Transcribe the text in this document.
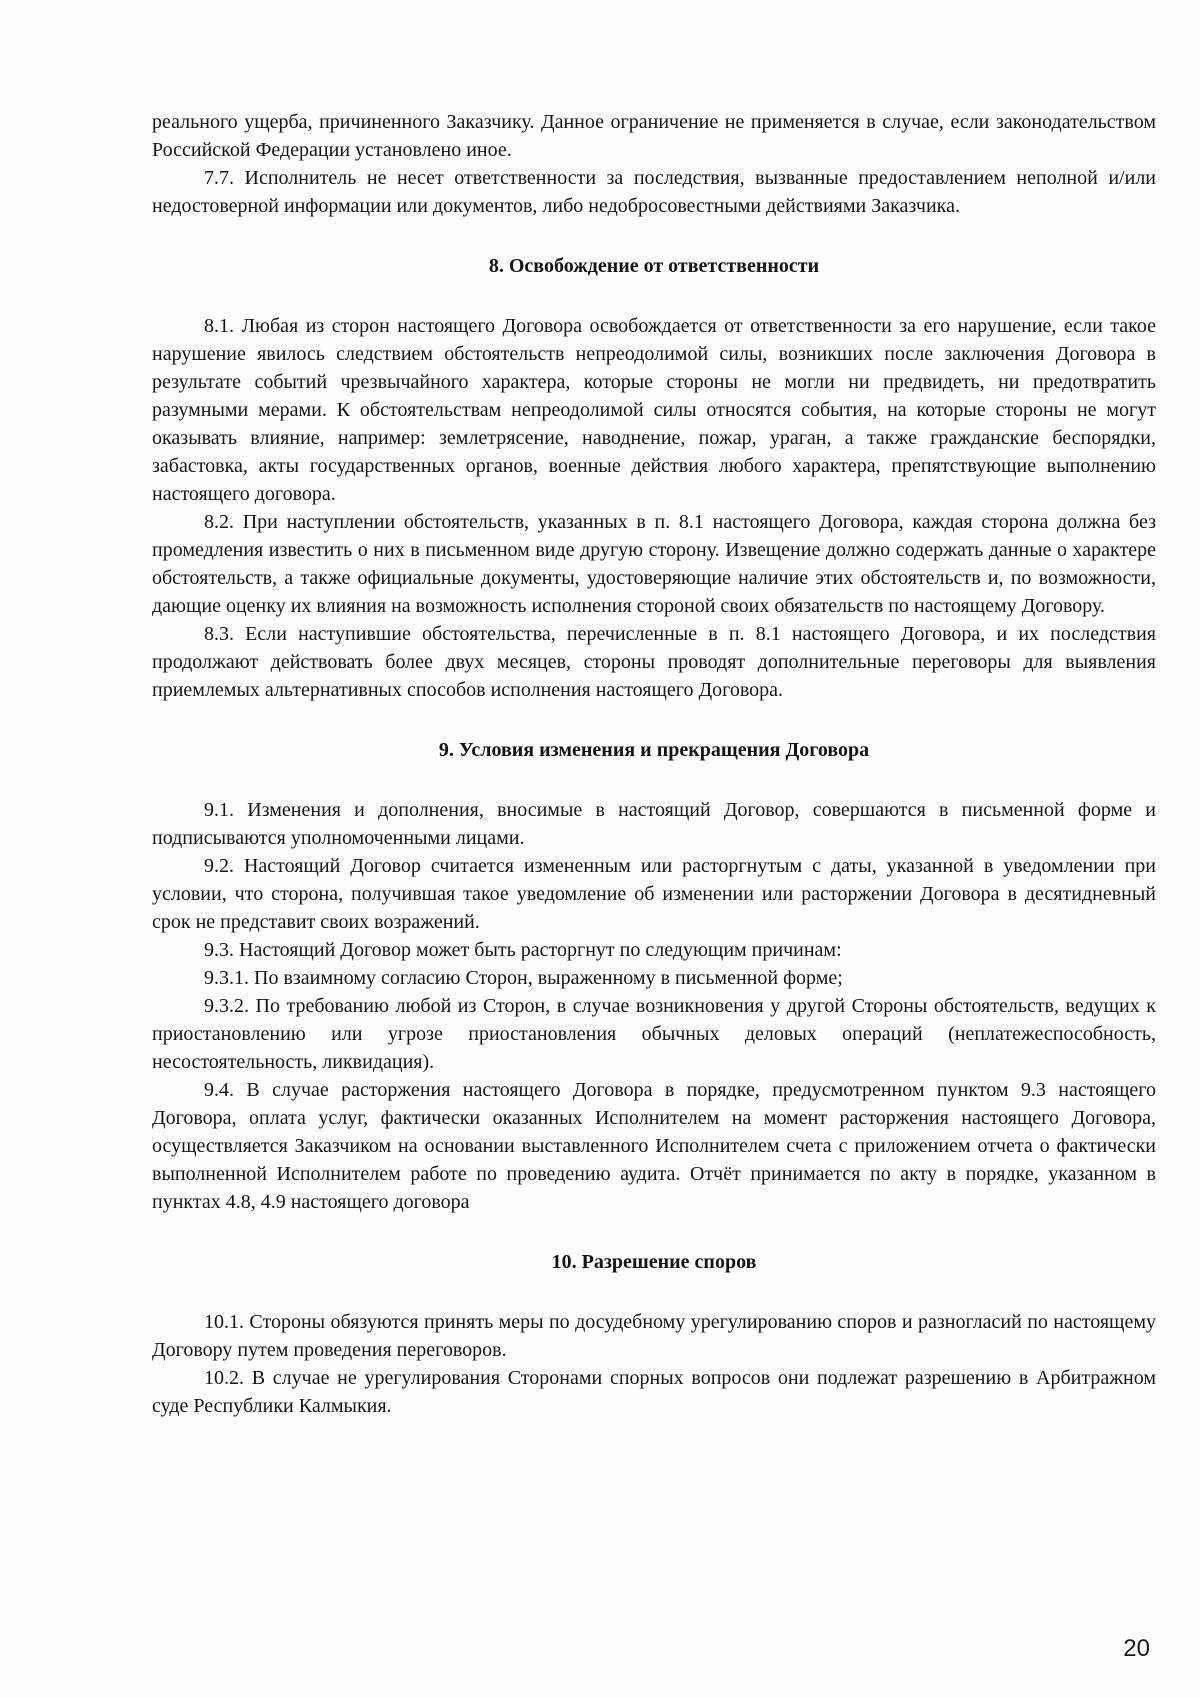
реального ущерба, причиненного Заказчику. Данное ограничение не применяется в случае, если законодательством Российской Федерации установлено иное.

7.7. Исполнитель не несет ответственности за последствия, вызванные предоставлением неполной и/или недостоверной информации или документов, либо недобросовестными действиями Заказчика.

8. Освобождение от ответственности

8.1. Любая из сторон настоящего Договора освобождается от ответственности за его нарушение, если такое нарушение явилось следствием обстоятельств непреодолимой силы, возникших после заключения Договора в результате событий чрезвычайного характера, которые стороны не могли ни предвидеть, ни предотвратить разумными мерами. К обстоятельствам непреодолимой силы относятся события, на которые стороны не могут оказывать влияние, например: землетрясение, наводнение, пожар, ураган, а также гражданские беспорядки, забастовка, акты государственных органов, военные действия любого характера, препятствующие выполнению настоящего договора.

8.2. При наступлении обстоятельств, указанных в п. 8.1 настоящего Договора, каждая сторона должна без промедления известить о них в письменном виде другую сторону. Извещение должно содержать данные о характере обстоятельств, а также официальные документы, удостоверяющие наличие этих обстоятельств и, по возможности, дающие оценку их влияния на возможность исполнения стороной своих обязательств по настоящему Договору.

8.3. Если наступившие обстоятельства, перечисленные в п. 8.1 настоящего Договора, и их последствия продолжают действовать более двух месяцев, стороны проводят дополнительные переговоры для выявления приемлемых альтернативных способов исполнения настоящего Договора.

9. Условия изменения и прекращения Договора

9.1. Изменения и дополнения, вносимые в настоящий Договор, совершаются в письменной форме и подписываются уполномоченными лицами.

9.2. Настоящий Договор считается измененным или расторгнутым с даты, указанной в уведомлении при условии, что сторона, получившая такое уведомление об изменении или расторжении Договора в десятидневный срок не представит своих возражений.

9.3. Настоящий Договор может быть расторгнут по следующим причинам:

9.3.1. По взаимному согласию Сторон, выраженному в письменной форме;

9.3.2. По требованию любой из Сторон, в случае возникновения у другой Стороны обстоятельств, ведущих к приостановлению или угрозе приостановления обычных деловых операций (неплатежеспособность, несостоятельность, ликвидация).

9.4. В случае расторжения настоящего Договора в порядке, предусмотренном пунктом 9.3 настоящего Договора, оплата услуг, фактически оказанных Исполнителем на момент расторжения настоящего Договора, осуществляется Заказчиком на основании выставленного Исполнителем счета с приложением отчета о фактически выполненной Исполнителем работе по проведению аудита. Отчёт принимается по акту в порядке, указанном в пунктах 4.8, 4.9 настоящего договора

10. Разрешение споров

10.1. Стороны обязуются принять меры по досудебному урегулированию споров и разногласий по настоящему Договору путем проведения переговоров.

10.2. В случае не урегулирования Сторонами спорных вопросов они подлежат разрешению в Арбитражном суде Республики Калмыкия.

20
